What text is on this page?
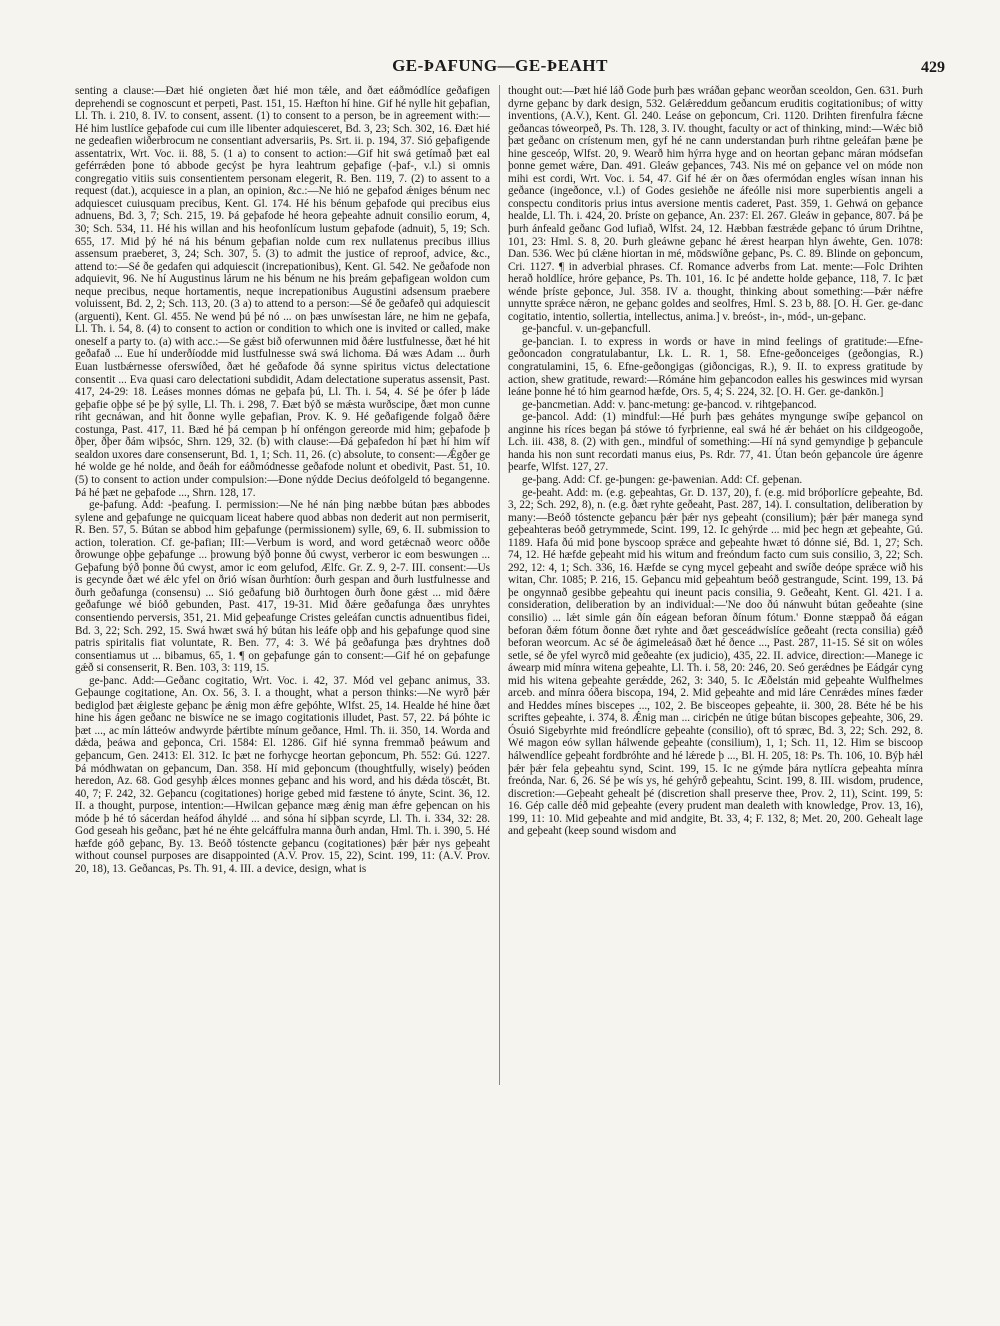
GE-ÞAFUNG—GE-ÞEAHT	429

senting a clause:—Ðæt hié ongieten ðæt hié mon tǽle, and ðæt eáðmódlíce geðafigen deprehendi se cognoscunt et perpeti, Past. 151, 15. Hæfton hí hine. Gif hé nylle hit geþafian, Ll. Th. i. 210, 8. IV. to consent, assent. (1) to consent to a person, be in agreement with:—Hé him lustlíce geþafode cui cum ille libenter adquiesceret, Bd. 3, 23; Sch. 302, 16. Ðæt hié ne gedeafien wiðerbrocum ne consentiant adversariis, Ps. Srt. ii. p. 194, 37. Sió geþafigende assentatrix, Wrt. Voc. ii. 88, 5. (1 a) to consent to action:—Gif hit swá getímað þæt eal geférrǽden þone tó abbode gecýst þe hyra leahtrum geþafige (-þaf-, v.l.) si omnis congregatio vitiis suis consentientem personam elegerit, R. Ben. 119, 7. (2) to assent to a request (dat.), acquiesce in a plan, an opinion, &c.:—Ne hió ne geþafod ǽniges bénum nec adquiescet cuiusquam precibus, Kent. Gl. 174. Hé his bénum geþafode qui precibus eius adnuens, Bd. 3, 7; Sch. 215, 19. Þá geþafode hé heora geþeahte adnuit consilio eorum, 4, 30; Sch. 534, 11. Hé his willan and his heofonlícum lustum geþafode (adnuit), 5, 19; Sch. 655, 17. Mid þý hé ná his bénum geþafian nolde cum rex nullatenus precibus illius assensum praeberet, 3, 24; Sch. 307, 5. (3) to admit the justice of reproof, advice, &c., attend to:—Sé ðe gedafen qui adquiescit (increpationibus), Kent. Gl. 542. Ne geðafode non adquievit, 96. Ne hí Augustinus lárum ne his bénum ne his þreám geþafigean woldon cum neque precibus, neque hortamentis, neque increpationibus Augustini adsensum praebere voluissent, Bd. 2, 2; Sch. 113, 20. (3 a) to attend to a person:—Sé ðe geðafeð qui adquiescit (arguenti), Kent. Gl. 455. Ne wend þú þé nó ... on þæs unwísestan láre, ne him ne geþafa, Ll. Th. i. 54, 8. (4) to consent to action or condition to which one is invited or called, make oneself a party to. (a) with acc.:—Se gǽst bið oferwunnen mid ðǽre lustfulnesse, ðæt hé hit geðafað ... Eue hí underðíodde mid lustfulnesse swá swá lichoma. Ðá wæs Adam ... ðurh Euan lustbǽrnesse oferswíðed, ðæt hé geðafode ðá synne spiritus victus delectatione consentit ... Eva quasi caro delectationi subdidit, Adam delectatione superatus assensit, Past. 417, 24-29: 18. Leáses monnes dómas ne geþafa þú, Ll. Th. i. 54, 4. Sé þe ófer þ láde geþafie oþþe sé þe þý sylle, Ll. Th. i. 298, 7. Ðæt býð se mǽsta wurðscipe, ðæt mon cunne riht gecnáwan, and hit ðonne wylle geþafian, Prov. K. 9. Hé geðafigende folgað ðǽre costunga, Past. 417, 11. Bæd hé þá cempan þ hí onféngon gereorde mid him; geþafode þ ðþer, ðþer ðám wiþsóc, Shrn. 129, 32. (b) with clause:—Ðá geþafedon hí þæt hí him wíf sealdon uxores dare consenserunt, Bd. 1, 1; Sch. 11, 26. (c) absolute, to consent:—Ǽgðer ge hé wolde ge hé nolde, and ðeáh for eáðmódnesse geðafode nolunt et obedivit, Past. 51, 10. (5) to consent to action under compulsion:—Ðone nýdde Decius deófolgeld tó begangenne. Þá hé þæt ne geþafode ..., Shrn. 128, 17.

ge-þafung. Add: -þeafung. I. permission:—Ne hé nán þing næbbe bútan þæs abbodes sylene and geþafunge ne quicquam liceat habere quod abbas non dederit aut non permiserit, R. Ben. 57, 5. Bútan se abbod him geþafunge (permissionem) sylle, 69, 6. II. submission to action, toleration. Cf. ge-þafian; III:—Verbum is word, and word getǽcnað weorc oððe ðrowunge oþþe geþafunge ... þrowung býð þonne ðú cwyst, verberor ic eom beswungen ... Geþafung býð þonne ðú cwyst, amor ic eom gelufod, Ælfc. Gr. Z. 9, 2-7. III. consent:—Us is gecynde ðæt wé ǽlc yfel on ðrió wísan ðurhtíon: ðurh gespan and ðurh lustfulnesse and ðurh geðafunga (consensu) ... Sió geðafung bið ðurhtogen ðurh ðone gǽst ... mid ðǽre geðafunge wé bióð gebunden, Past. 417, 19-31. Mid ðǽre geðafunga ðæs unryhtes consentiendo perversis, 351, 21. Mid geþeafunge Cristes geleáfan cunctis adnuentibus fidei, Bd. 3, 22; Sch. 292, 15. Swá hwæt swá hý bútan his leáfe oþþ and his geþafunge quod sine patris spiritalis fiat voluntate, R. Ben. 77, 4: 3. Wé þá geðafunga þæs dryhtnes doð consentiamus ut ... bibamus, 65, 1. ¶ on geþafunge gán to consent:—Gif hé on geþafunge gǽð si consenserit, R. Ben. 103, 3: 119, 15.

ge-þanc. Add:—Geðanc cogitatio, Wrt. Voc. i. 42, 37. Mód vel geþanc animus, 33. Geþaunge cogitatione, An. Ox. 56, 3. I. a thought, what a person thinks:—Ne wyrð þǽr bediglod þæt ǽigleste geþanc þe ǽnig mon ǽfre geþóhte, Wlfst. 25, 14. Healde hé hine ðæt hine his ágen geðanc ne biswíce ne se imago cogitationis illudet, Past. 57, 22. Þá þóhte ic þæt ..., ac mín látteów andwyrde þǽrtibte mínum geðance, Hml. Th. ii. 350, 14. Worda and dǽda, þeáwa and geþonca, Cri. 1584: El. 1286. Gif hié synna fremmað þeáwum and geþancum, Gen. 2413: El. 312. Ic þæt ne forhycge heortan geþoncum, Ph. 552: Gú. 1227. Þá módhwatan on geþancum, Dan. 358. Hí mid geþoncum (thoughtfully, wisely) þeóden heredon, Az. 68. God gesyhþ ǽlces monnes geþanc and his word, and his dǽda töscǽt, Bt. 40, 7; F. 242, 32. Geþancu (cogitationes) horige gebed mid fæstene tó ányte, Scint. 36, 12. II. a thought, purpose, intention:—Hwilcan geþance mæg ǽnig man ǽfre geþencan on his móde þ hé tó sácerdan heáfod áhyldé ... and sóna hí siþþan scyrde, Ll. Th. i. 334, 32: 28. God geseah his geðanc, þæt hé ne éhte gelcáffulra manna ðurh andan, Hml. Th. i. 390, 5. Hé hæfde góð geþanc, By. 13. Beóð tóstencte geþancu (cogitationes) þǽr þǽr nys geþeaht without counsel purposes are disappointed (A.V. Prov. 15, 22), Scint. 199, 11: (A.V. Prov. 20, 18), 13. Geðancas, Ps. Th. 91, 4. III. a device, design, what is

thought out:—Þæt hié láð Gode þurh þæs wráðan geþanc weorðan sceoldon, Gen. 631. Þurh dyrne geþanc by dark design, 532. Gelǽreddum geðancum eruditis cogitationibus; of witty inventions, (A.V.), Kent. Gl. 240. Leáse on geþoncum, Cri. 1120. Drihten firenfulra fǽcne geðancas tóweorpeð, Ps. Th. 128, 3. IV. thought, faculty or act of thinking, mind:—Wǽc bið þæt geðanc on crístenum men, gyf hé ne cann understandan þurh rihtne geleáfan þæne þe hine gesceóp, Wlfst. 20, 9. Wearð him hýrra hyge and on heortan geþanc máran módsefan þonne gemet wǽre, Dan. 491. Gleáw geþances, 743. Nis mé on geþance vel on móde non mihi est cordi, Wrt. Voc. i. 54, 47. Gif hé ǽr on ðæs ofermódan engles wísan innan his geðance (ingeðonce, v.l.) of Godes gesiehðe ne áfeólle nisi more superbientis angeli a conspectu conditoris prius intus aversione mentis caderet, Past. 359, 1. Gehwá on geþance healde, Ll. Th. i. 424, 20. Þríste on geþance, An. 237: El. 267. Gleáw in geþance, 807. Þá þe þurh ánfeald geðanc God lufiað, Wlfst. 24, 12. Hæbban fæstrǽde geþanc tó úrum Drihtne, 101, 23: Hml. S. 8, 20. Þurh gleáwne geþanc hé ǽrest hearpan hlyn áwehte, Gen. 1078: Dan. 536. Wec þú clǽne hiortan in mé, mōdswíðne geþanc, Ps. C. 89. Blinde on geþoncum, Cri. 1127. ¶ in adverbial phrases. Cf. Romance adverbs from Lat. mente:—Folc Drihten herað holdlíce, hróre geþance, Ps. Th. 101, 16. Ic þé andette holde geþance, 118, 7. Ic þæt wénde þríste geþonce, Jul. 358. IV a. thought, thinking about something:—Þǽr nǽfre unnytte sprǽce nǽron, ne geþanc goldes and seolfres, Hml. S. 23 b, 88. [O. H. Ger. ge-danc cogitatio, intentio, sollertia, intellectus, anima.] v. breóst-, in-, mód-, un-geþanc.

ge-þancful. v. un-geþancfull.

ge-þancian. I. to express in words or have in mind feelings of gratitude:—Efne-geðoncadon congratulabantur, Lk. L. R. 1, 58. Efne-geðonceiges (geðongias, R.) congratulamini, 15, 6. Efne-geðongigas (giðoncigas, R.), 9. II. to express gratitude by action, shew gratitude, reward:—Rómáne him geþancodon ealles his geswinces mid wyrsan leáne þonne hé tó him gearnod hæfde, Ors. 5, 4; S. 224, 32. [O. H. Ger. ge-dankōn.]

ge-þancmetian. Add: v. þanc-metung: ge-þancod. v. rihtgeþancod.

ge-þancol. Add: (1) mindful:—Hé þurh þæs gehátes myngunge swíþe geþancol on anginne his ríces began þá stówe tó fyrþrienne, eal swá hé ǽr beháet on his cildgeogoðe, Lch. iii. 438, 8. (2) with gen., mindful of something:—Hí ná synd gemyndige þ geþancule handa his non sunt recordati manus eius, Ps. Rdr. 77, 41. Útan beón geþancole úre ágenre þearfe, Wlfst. 127, 27.

ge-þang. Add: Cf. ge-þungen: ge-þawenian. Add: Cf. geþenan.

ge-þeaht. Add: m. (e.g. geþeahtas, Gr. D. 137, 20), f. (e.g. mid bróþorlícre geþeahte, Bd. 3, 22; Sch. 292, 8), n. (e.g. ðæt ryhte geðeaht, Past. 287, 14). I. consultation, deliberation by many:—Beóð tóstencte geþancu þǽr þǽr nys geþeaht (consilium); þǽr þǽr manega synd geþeahteras beóð getrymmede, Scint. 199, 12. Ic gehýrde ... mid þec hegn æt geþeahte, Gú. 1189. Hafa ðú mid þone byscoop sprǽce and geþeahte hwæt tó dónne sié, Bd. 1, 27; Sch. 74, 12. Hé hæfde geþeaht mid his witum and freóndum facto cum suis consilio, 3, 22; Sch. 292, 12: 4, 1; Sch. 336, 16. Hæfde se cyng mycel geþeaht and swíðe deópe sprǽce wið his witan, Chr. 1085; P. 216, 15. Geþancu mid geþeahtum beóð gestrangude, Scint. 199, 13. Þá þe ongynnað gesibbe geþeahtu qui ineunt pacis consilia, 9. Geðeaht, Kent. Gl. 421. I a. consideration, deliberation by an individual:—'Ne doo ðú nánwuht bútan geðeahte (sine consilio) ... lǽt simle gán ðín eágean beforan ðínum fótum.' Ðonne stæppað ðá eágan beforan ðǽm fótum ðonne ðæt ryhte and ðæt gesceádwíslíce geðeaht (recta consilia) gǽð beforan weorcum. Ac sé ðe ágimeleásað ðæt hé ðence ..., Past. 287, 11-15. Sé sit on wóles setle, sé ðe yfel wyrcð mid geðeahte (ex judicio), 435, 22. II. advice, direction:—Manege ic áwearp mid mínra witena geþeahte, Ll. Th. i. 58, 20: 246, 20. Seó gerǽdnes þe Eádgár cyng mid his witena geþeahte gerǽdde, 262, 3: 340, 5. Ic Æðelstán mid geþeahte Wulfhelmes arceb. and mínra óðera biscopa, 194, 2. Mid geþeahte and mid láre Cenrǽdes mínes fæder and Heddes mínes biscepes ..., 102, 2. Be bisceopes geþeahte, ii. 300, 28. Béte hé be his scriftes geþeahte, i. 374, 8. Ǽnig man ... ciricþén ne útige bútan biscopes geþeahte, 306, 29. Ósuió Sigebyrhte mid freóndlícre geþeahte (consilio), oft tó spræc, Bd. 3, 22; Sch. 292, 8. Wé magon eów syllan hálwende geþeahte (consilium), 1, 1; Sch. 11, 12. Him se biscoop hálwendlíce geþeaht fordbróhte and hé lǽrede þ ..., Bl. H. 205, 18: Ps. Th. 106, 10. Býþ hǽl þǽr þǽr fela geþeahtu synd, Scint. 199, 15. Ic ne gýmde þára nytlícra geþeahta mínra freónda, Nar. 6, 26. Sé þe wís ys, hé gehýrð geþeahtu, Scint. 199, 8. III. wisdom, prudence, discretion:—Geþeaht gehealt þé (discretion shall preserve thee, Prov. 2, 11), Scint. 199, 5: 16. Gép calle déð mid geþeahte (every prudent man dealeth with knowledge, Prov. 13, 16), 199, 11: 10. Mid geþeahte and mid andgite, Bt. 33, 4; F. 132, 8; Met. 20, 200. Gehealt lage and geþeaht (keep sound wisdom and
